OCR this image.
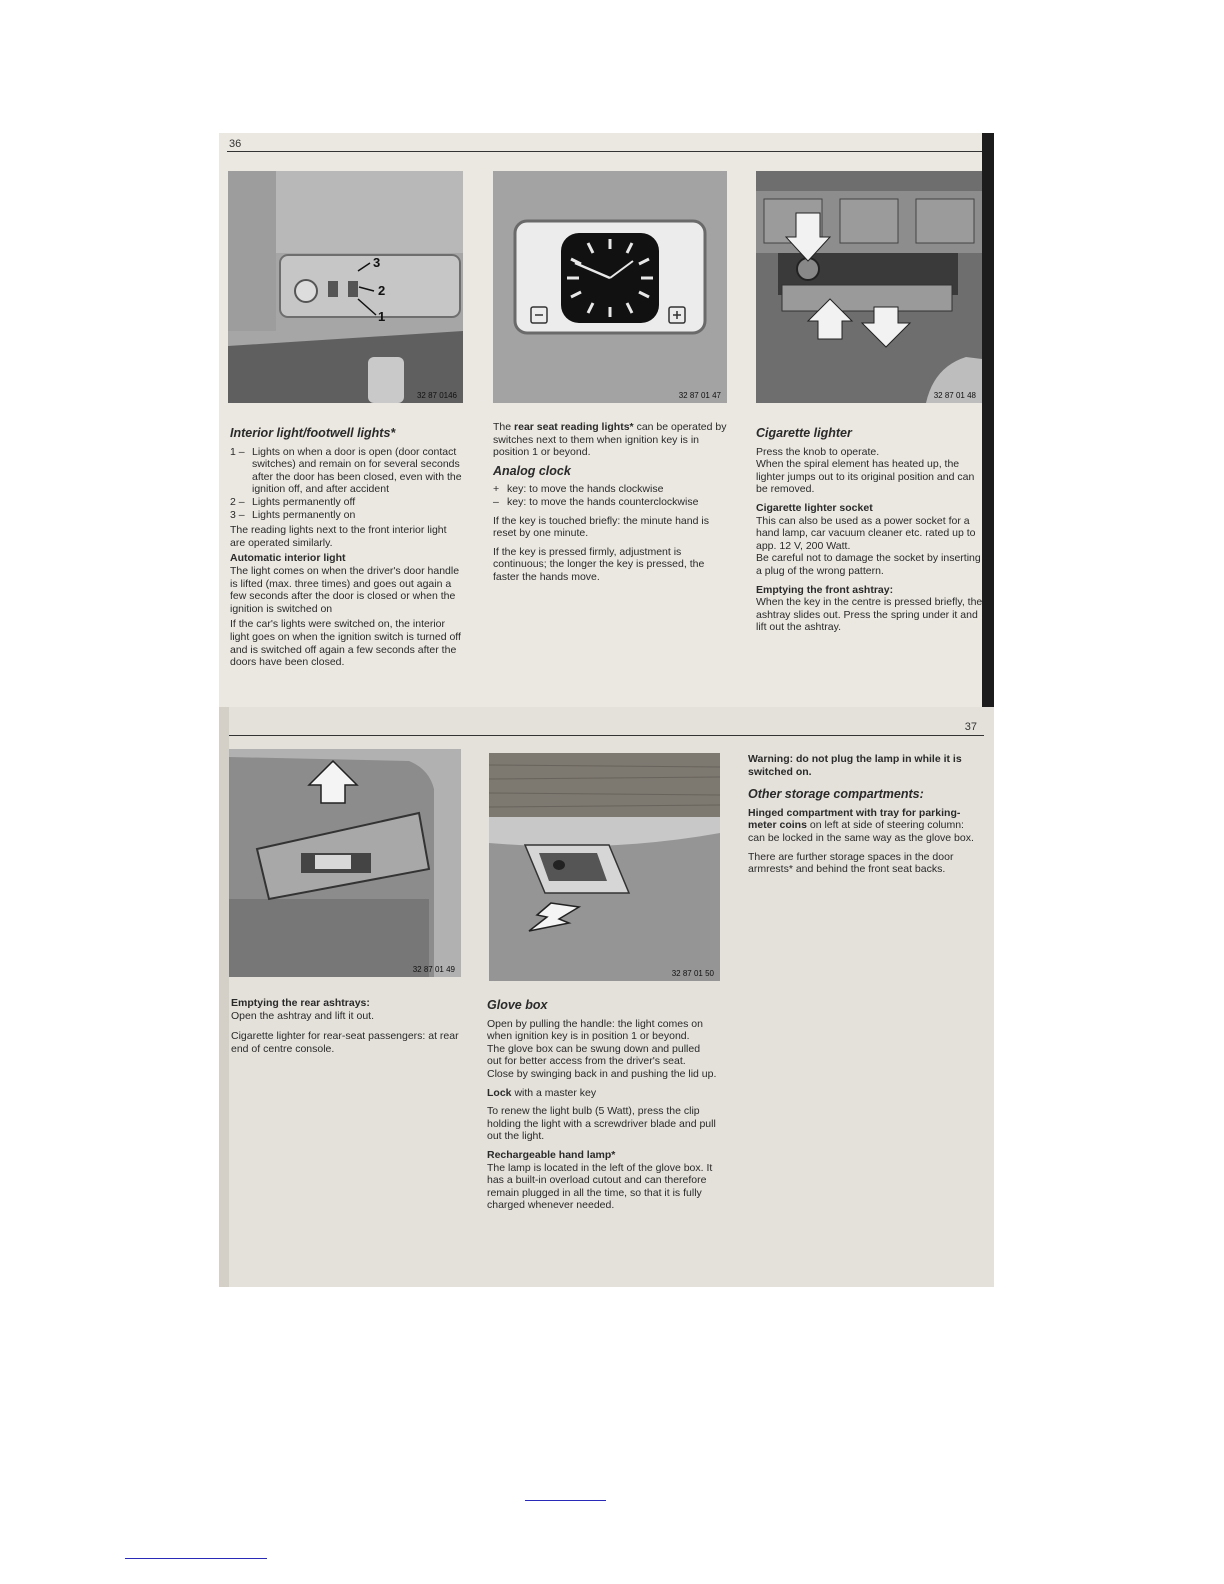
36
3
2
1
32 87 0146	32 87 01 47	32 87 01 48
Interior light/footwell lights*
1 – Lights on when a door is open (door contact switches) and remain on for several seconds after the door has been closed, even with the ignition off, and after accident
2 – Lights permanently off
3 – Lights permanently on

The reading lights next to the front interior light are operated similarly.

Automatic interior light

The light comes on when the driver's door handle is lifted (max. three times) and goes out again a few seconds after the door is closed or when the ignition is switched on

If the car's lights were switched on, the interior light goes on when the ignition switch is turned off and is switched off again a few seconds after the doors have been closed.

The rear seat reading lights* can be operated by switches next to them when ignition key is in position 1 or beyond.

Analog clock
+ key: to move the hands clockwise
– key: to move the hands counterclockwise

If the key is touched briefly: the minute hand is reset by one minute.

If the key is pressed firmly, adjustment is continuous; the longer the key is pressed, the faster the hands move.

Cigarette lighter

Press the knob to operate.

When the spiral element has heated up, the lighter jumps out to its original position and can be removed.

Cigarette lighter socket

This can also be used as a power socket for a hand lamp, car vacuum cleaner etc. rated up to app. 12 V, 200 Watt.

Be careful not to damage the socket by inserting a plug of the wrong pattern.

Emptying the front ashtray:

When the key in the centre is pressed briefly, the ashtray slides out. Press the spring under it and lift out the ashtray.

37
32 87 01 49	32 87 01 50
Emptying the rear ashtrays:

Open the ashtray and lift it out.

Cigarette lighter for rear-seat passengers: at rear end of centre console.

Glove box

Open by pulling the handle: the light comes on when ignition key is in position 1 or beyond.

The glove box can be swung down and pulled out for better access from the driver's seat.

Close by swinging back in and pushing the lid up.

Lock with a master key

To renew the light bulb (5 Watt), press the clip holding the light with a screwdriver blade and pull out the light.

Rechargeable hand lamp*

The lamp is located in the left of the glove box. It has a built-in overload cutout and can therefore remain plugged in all the time, so that it is fully charged whenever needed.

Warning: do not plug the lamp in while it is switched on.

Other storage compartments:

Hinged compartment with tray for parking-meter coins on left at side of steering column:

can be locked in the same way as the glove box.

There are further storage spaces in the door armrests* and behind the front seat backs.
